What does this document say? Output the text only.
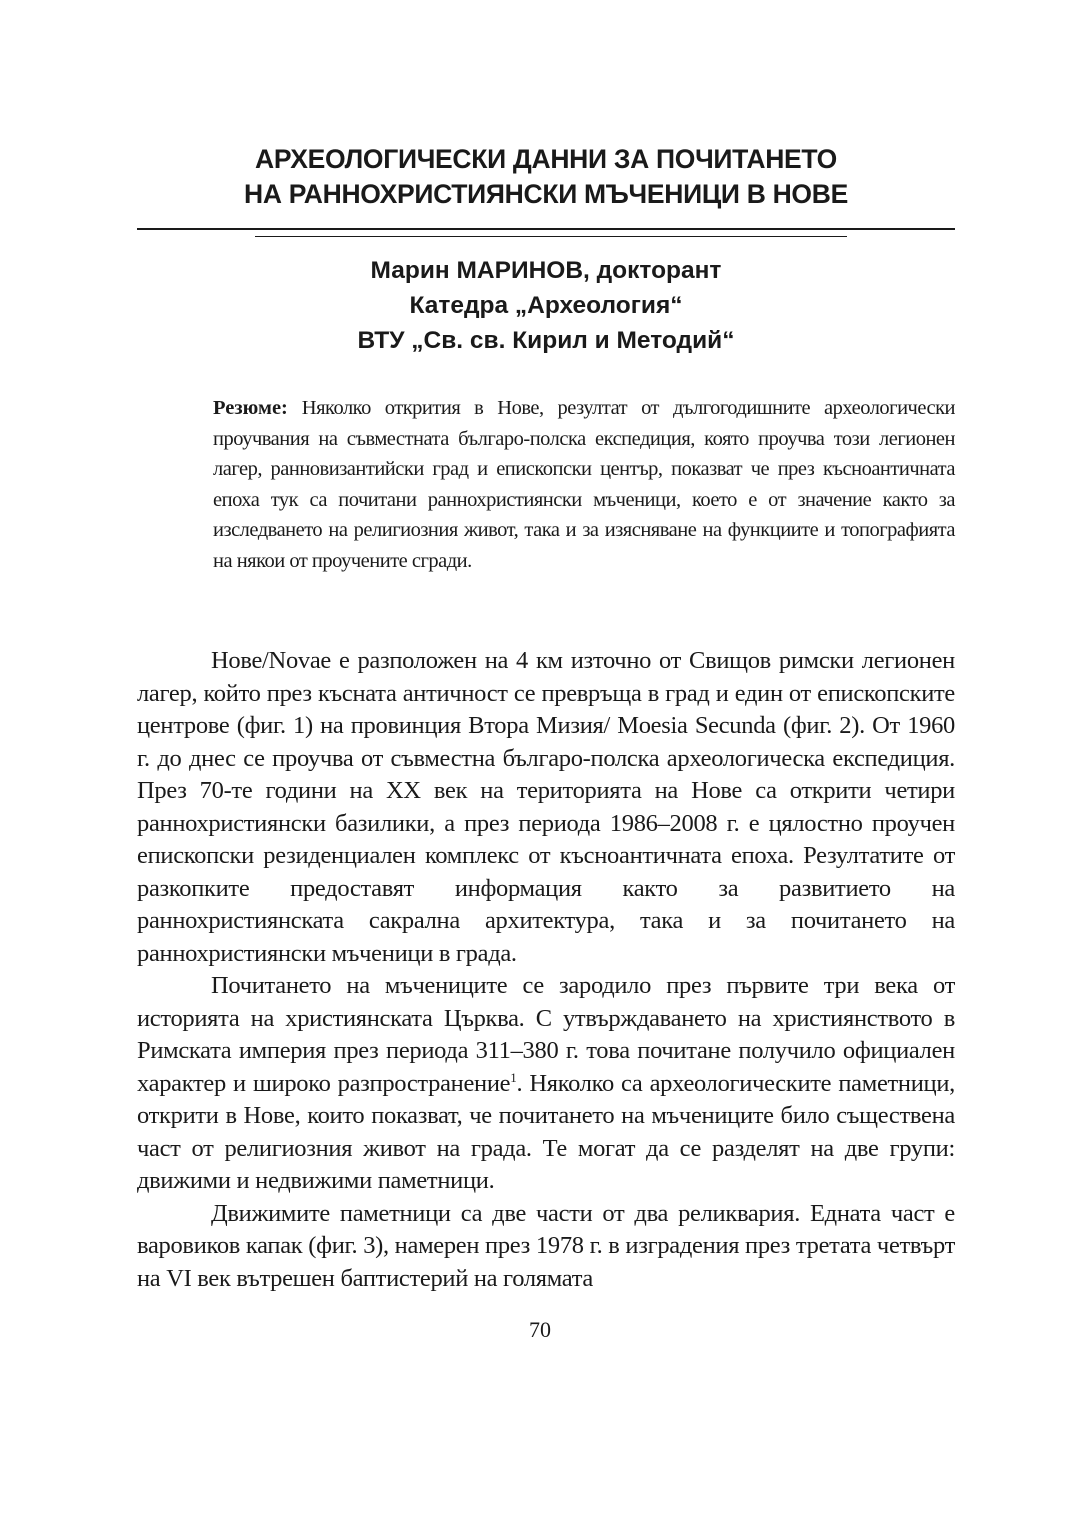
АРХЕОЛОГИЧЕСКИ ДАННИ ЗА ПОЧИТАНЕТО
НА РАННОХРИСТИЯНСКИ МЪЧЕНИЦИ В НОВЕ
Марин МАРИНОВ, докторант
Катедра „Археология“
ВТУ „Св. св. Кирил и Методий“
Резюме: Няколко открития в Нове, резултат от дългогодишните археологически проучвания на съвместната българо-полска експедиция, която проучва този легионен лагер, ранновизантийски град и епископски център, показват че през късноантичната епоха тук са почитани раннохристиянски мъченици, което е от значение както за изследването на религиозния живот, така и за изясняване на функциите и топографията на някои от проучените сгради.

Нове/Novae е разположен на 4 км източно от Свищов римски легионен лагер, който през късната античност се превръща в град и един от епископските центрове (фиг. 1) на провинция Втора Мизия/ Moesia Secunda (фиг. 2). От 1960 г. до днес се проучва от съвместна българо-полска археологическа експедиция. През 70-те години на XX век на територията на Нове са открити четири раннохристиянски базилики, а през периода 1986–2008 г. е цялостно проучен епископски резиденциален комплекс от късноантичната епоха. Резултатите от разкопките предоставят информация както за развитието на раннохристиянската сакрална архитектура, така и за почитането на раннохристиянски мъченици в града.

Почитането на мъчениците се зародило през първите три века от историята на християнската Църква. С утвърждаването на християнството в Римската империя през периода 311–380 г. това почитане получило официален характер и широко разпространение$^1$. Няколко са археологическите паметници, открити в Нове, които показват, че почитането на мъчениците било съществена част от религиозния живот на града. Те могат да се разделят на две групи: движими и недвижими паметници.

Движимите паметници са две части от два реликвария. Едната част е варовиков капак (фиг. 3), намерен през 1978 г. в изградения през третата четвърт на VI век вътрешен баптистерий на голямата

70
